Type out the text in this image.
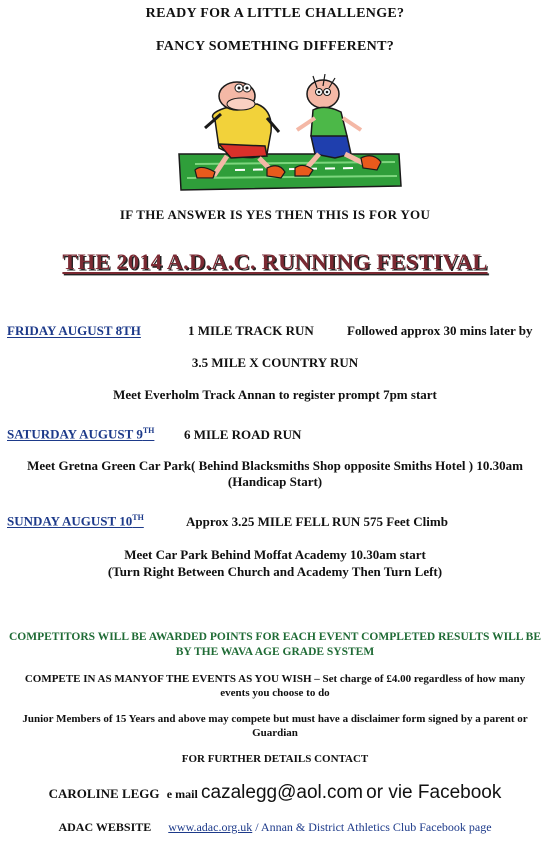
READY FOR A LITTLE CHALLENGE?
FANCY SOMETHING DIFFERENT?
IF THE ANSWER IS YES THEN THIS IS FOR YOU
THE 2014 A.D.A.C. RUNNING FESTIVAL
FRIDAY AUGUST 8TH	1 MILE TRACK RUN	Followed approx 30 mins later by
3.5 MILE X COUNTRY RUN
Meet Everholm Track Annan to register prompt 7pm start
SATURDAY AUGUST 9TH 6 MILE ROAD RUN
Meet Gretna Green Car Park( Behind Blacksmiths Shop opposite Smiths Hotel ) 10.30am
(Handicap Start)
SUNDAY AUGUST 10TH	Approx 3.25 MILE FELL RUN 575 Feet Climb
Meet Car Park Behind Moffat Academy 10.30am start
(Turn Right Between Church and Academy Then Turn Left)
COMPETITORS WILL BE AWARDED POINTS FOR EACH EVENT COMPLETED RESULTS WILL BE
BY THE WAVA AGE GRADE SYSTEM
COMPETE IN AS MANYOF THE EVENTS AS YOU WISH – Set charge of £4.00 regardless of how many
events you choose to do
Junior Members of 15 Years and above may compete but must have a disclaimer form signed by a parent or
Guardian
FOR FURTHER DETAILS CONTACT
CAROLINE LEGG e mail cazalegg@aol.com or vie Facebook
ADAC WEBSITE www.adac.org.uk / Annan & District Athletics Club Facebook page
